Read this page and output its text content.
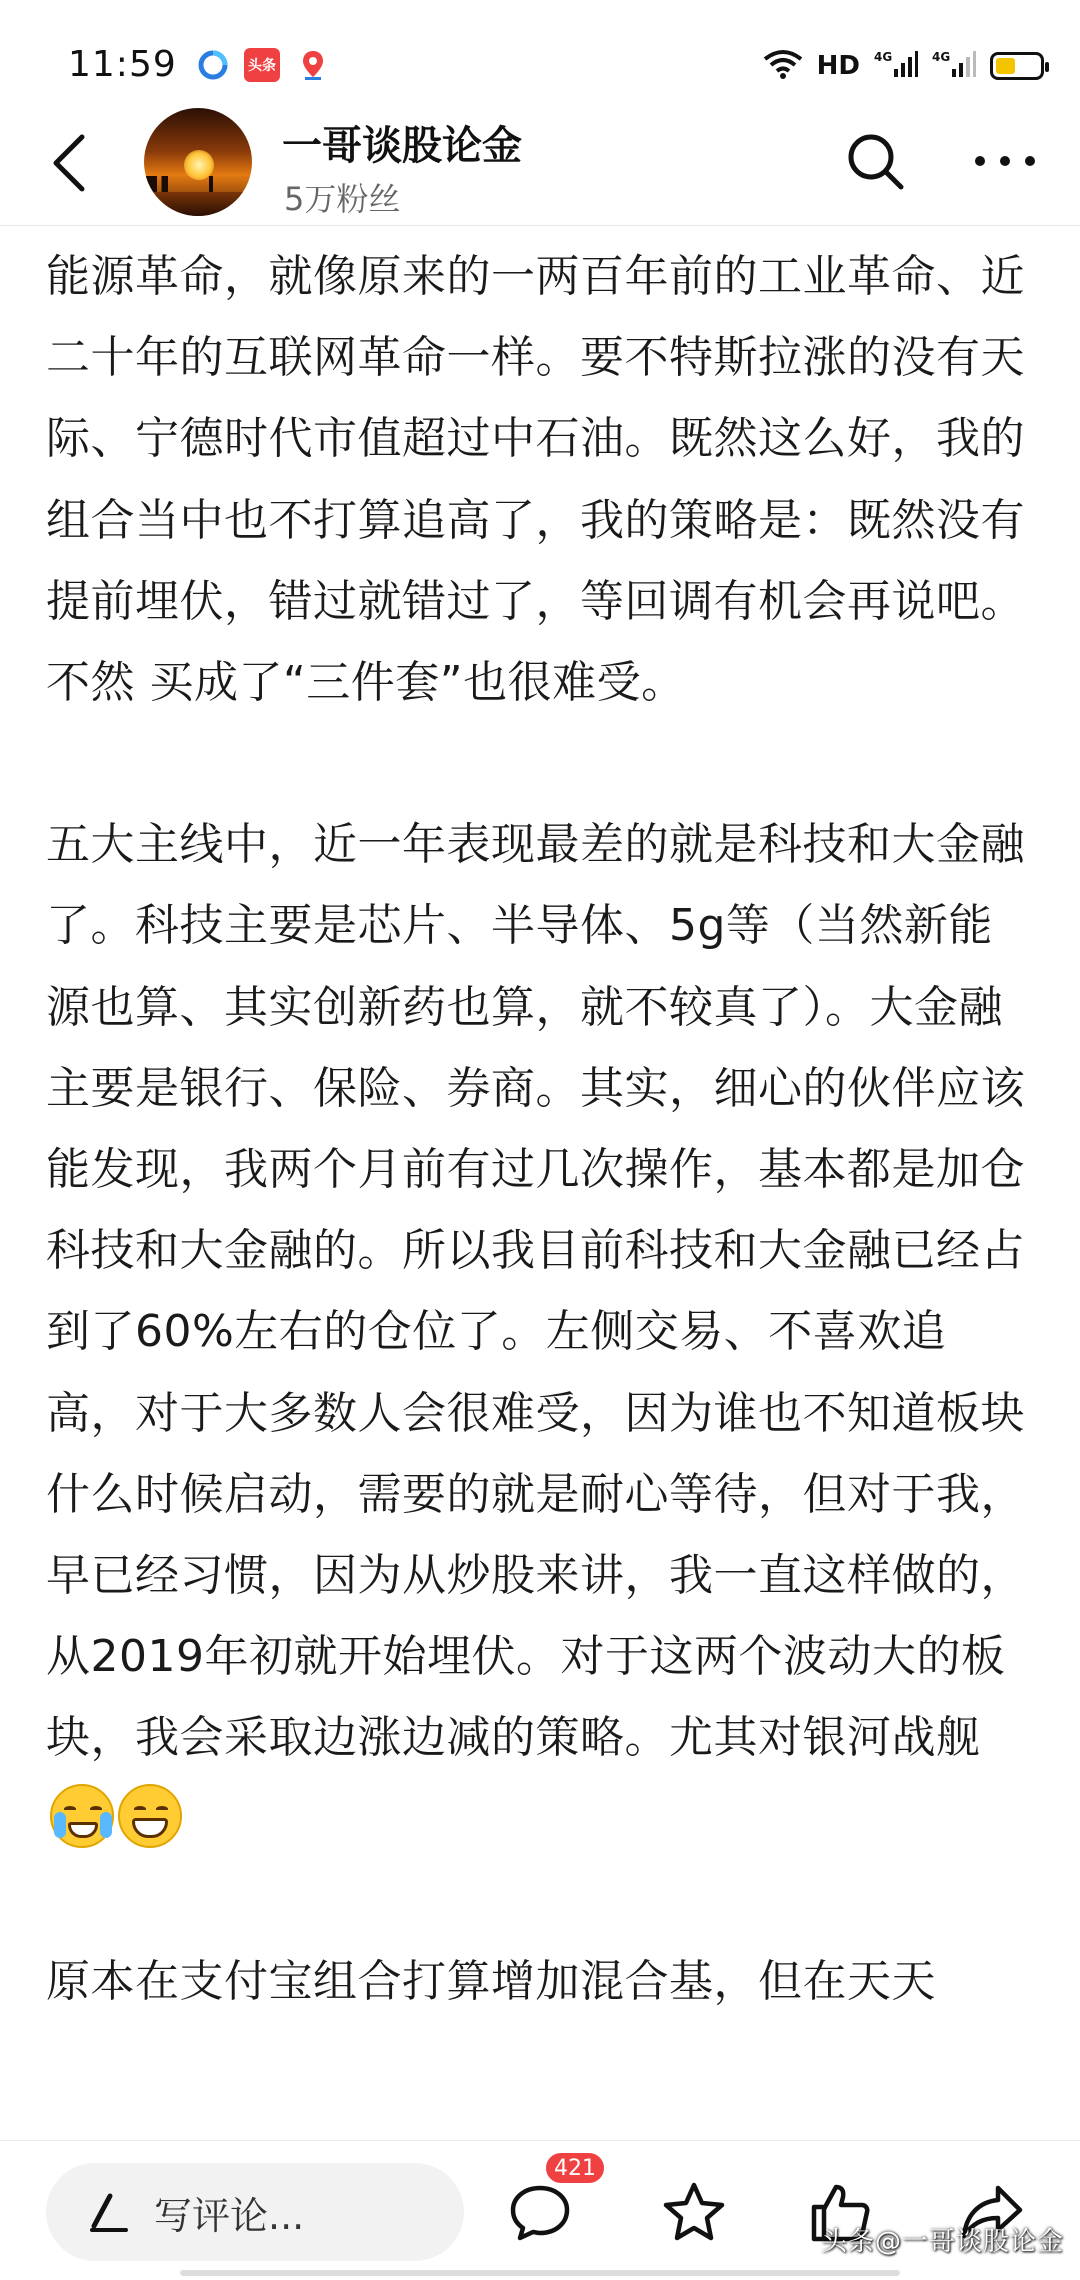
11:59	头条	HD 4G	4G
一哥谈股论金
5万粉丝

能源革命，就像原来的一两百年前的工业革命、近二十年的互联网革命一样。要不特斯拉涨的没有天际、宁德时代市值超过中石油。既然这么好，我的组合当中也不打算追高了，我的策略是：既然没有提前埋伏，错过就错过了，等回调有机会再说吧。不然 买成了“三件套”也很难受。

五大主线中，近一年表现最差的就是科技和大金融了。科技主要是芯片、半导体、5g等（当然新能源也算、其实创新药也算，就不较真了）。大金融主要是银行、保险、券商。其实，细心的伙伴应该能发现，我两个月前有过几次操作，基本都是加仓科技和大金融的。所以我目前科技和大金融已经占到了60%左右的仓位了。左侧交易、不喜欢追高，对于大多数人会很难受，因为谁也不知道板块什么时候启动，需要的就是耐心等待，但对于我，早已经习惯，因为从炒股来讲，我一直这样做的，从2019年初就开始埋伏。对于这两个波动大的板块，我会采取边涨边减的策略。尤其对银河战舰

原本在支付宝组合打算增加混合基，但在天天

写评论...
421
头条@一哥谈股论金
